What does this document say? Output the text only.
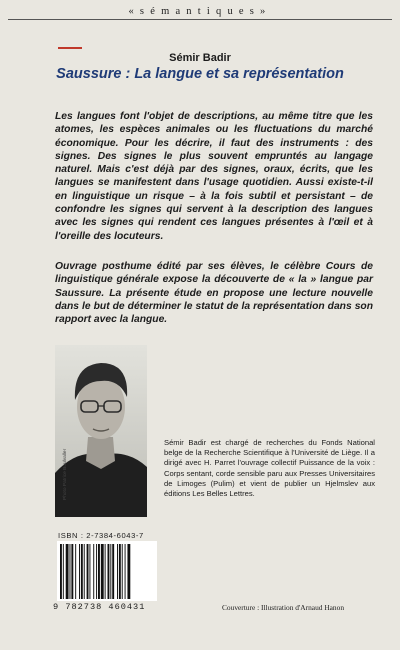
«sémantiques»
Sémir Badir
Saussure : La langue et sa représentation

Les langues font l'objet de descriptions, au même titre que les atomes, les espèces animales ou les fluctuations du marché économique. Pour les décrire, il faut des instruments : des signes. Des signes le plus souvent empruntés au langage naturel. Mais c'est déjà par des signes, oraux, écrits, que les langues se manifestent dans l'usage quotidien. Aussi existe-t-il en linguistique un risque – à la fois subtil et persistant – de confondre les signes qui servent à la description des langues avec les signes qui rendent ces langues présentes à l'œil et à l'oreille des locuteurs.

Ouvrage posthume édité par ses élèves, le célèbre Cours de linguistique générale expose la découverte de « la » langue par Saussure. La présente étude en propose une lecture nouvelle dans le but de déterminer le statut de la représentation dans son rapport avec la langue.

Photo Patrice Boulvaller

Sémir Badir est chargé de recherches du Fonds National belge de la Recherche Scientifique à l'Université de Liège. Il a dirigé avec H. Parret l'ouvrage collectif Puissance de la voix : Corps sentant, corde sensible paru aux Presses Universitaires de Limoges (Pulim) et vient de publier un Hjelmslev aux éditions Les Belles Lettres.

ISBN : 2-7384-6043-7
9 782738 460431	Couverture : Illustration d'Arnaud Hanon
